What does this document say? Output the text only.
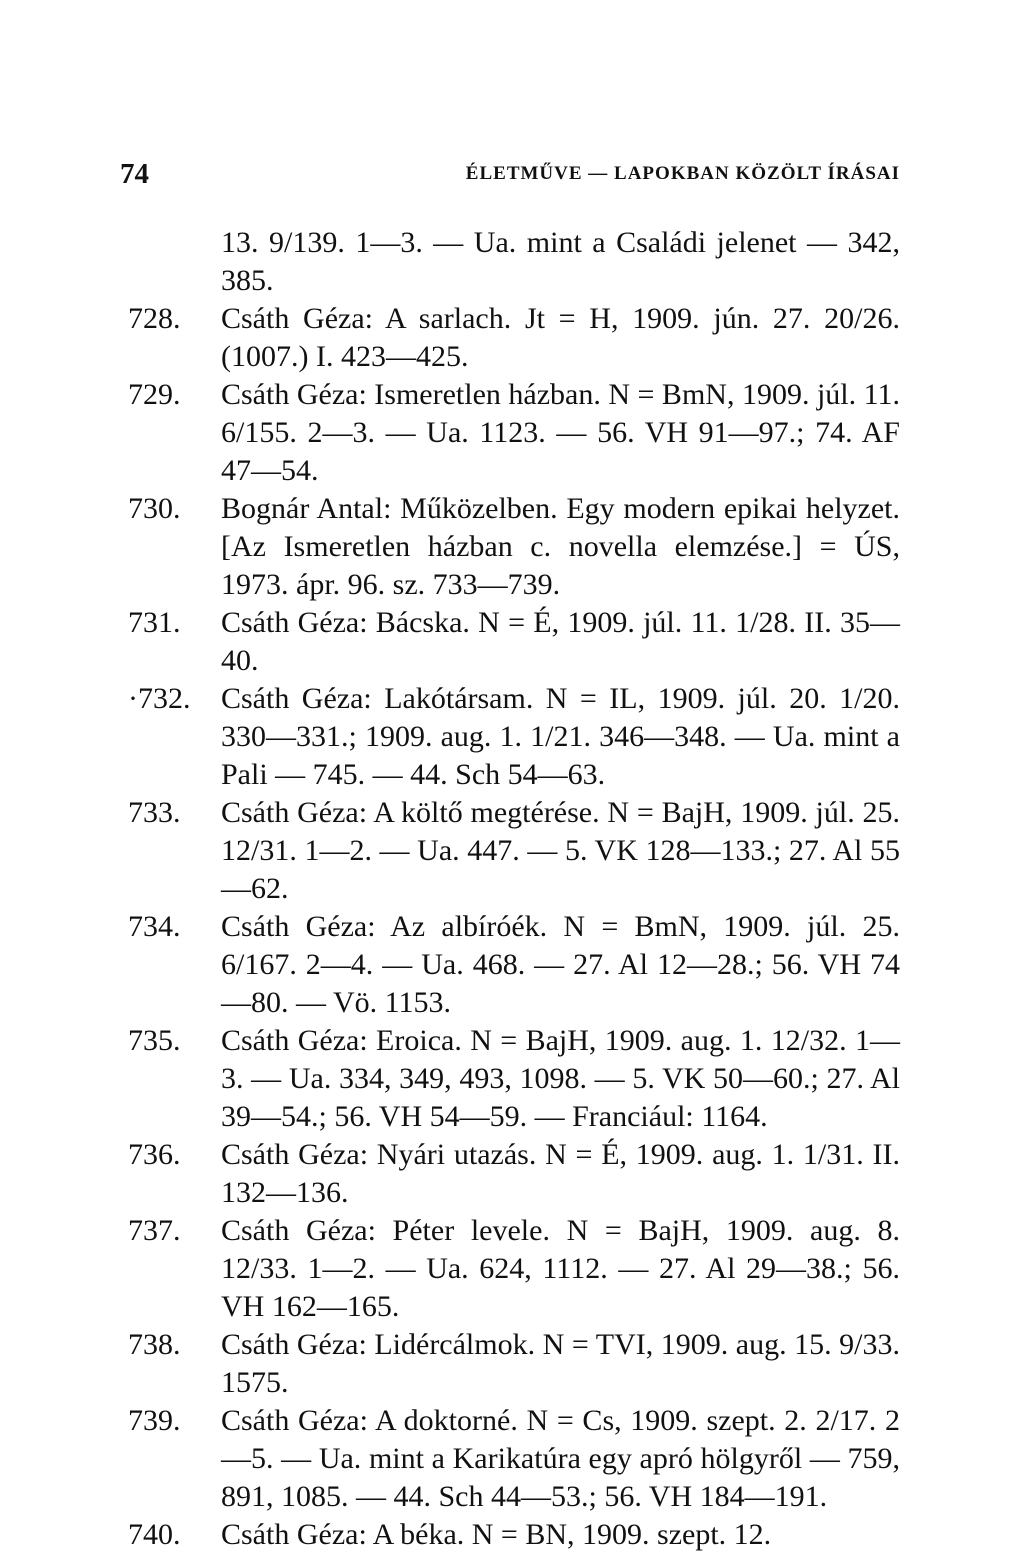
74	ÉLETMŰVE — LAPOKBAN KÖZÖLT ÍRÁSAI
13. 9/139. 1—3. — Ua. mint a Családi jelenet — 342, 385.
728.	Csáth Géza: A sarlach. Jt = H, 1909. jún. 27. 20/26. (1007.) I. 423—425.
729.	Csáth Géza: Ismeretlen házban. N = BmN, 1909. júl. 11. 6/155. 2—3. — Ua. 1123. — 56. VH 91—97.; 74. AF 47—54.
730.	Bognár Antal: Műközelben. Egy modern epikai helyzet. [Az Ismeretlen házban c. novella elemzése.] = ÚS, 1973. ápr. 96. sz. 733—739.
731.	Csáth Géza: Bácska. N = É, 1909. júl. 11. 1/28. II. 35—40.
·732.	Csáth Géza: Lakótársam. N = IL, 1909. júl. 20. 1/20. 330—331.; 1909. aug. 1. 1/21. 346—348. — Ua. mint a Pali — 745. — 44. Sch 54—63.
733.	Csáth Géza: A költő megtérése. N = BajH, 1909. júl. 25. 12/31. 1—2. — Ua. 447. — 5. VK 128—133.; 27. Al 55—62.
734.	Csáth Géza: Az albíróék. N = BmN, 1909. júl. 25. 6/167. 2—4. — Ua. 468. — 27. Al 12—28.; 56. VH 74—80. — Vö. 1153.
735.	Csáth Géza: Eroica. N = BajH, 1909. aug. 1. 12/32. 1—3. — Ua. 334, 349, 493, 1098. — 5. VK 50—60.; 27. Al 39—54.; 56. VH 54—59. — Franciául: 1164.
736.	Csáth Géza: Nyári utazás. N = É, 1909. aug. 1. 1/31. II. 132—136.
737.	Csáth Géza: Péter levele. N = BajH, 1909. aug. 8. 12/33. 1—2. — Ua. 624, 1112. — 27. Al 29—38.; 56. VH 162—165.
738.	Csáth Géza: Lidércálmok. N = TVI, 1909. aug. 15. 9/33. 1575.
739.	Csáth Géza: A doktorné. N = Cs, 1909. szept. 2. 2/17. 2—5. — Ua. mint a Karikatúra egy apró hölgyről — 759, 891, 1085. — 44. Sch 44—53.; 56. VH 184—191.
740.	Csáth Géza: A béka. N = BN, 1909. szept. 12.
